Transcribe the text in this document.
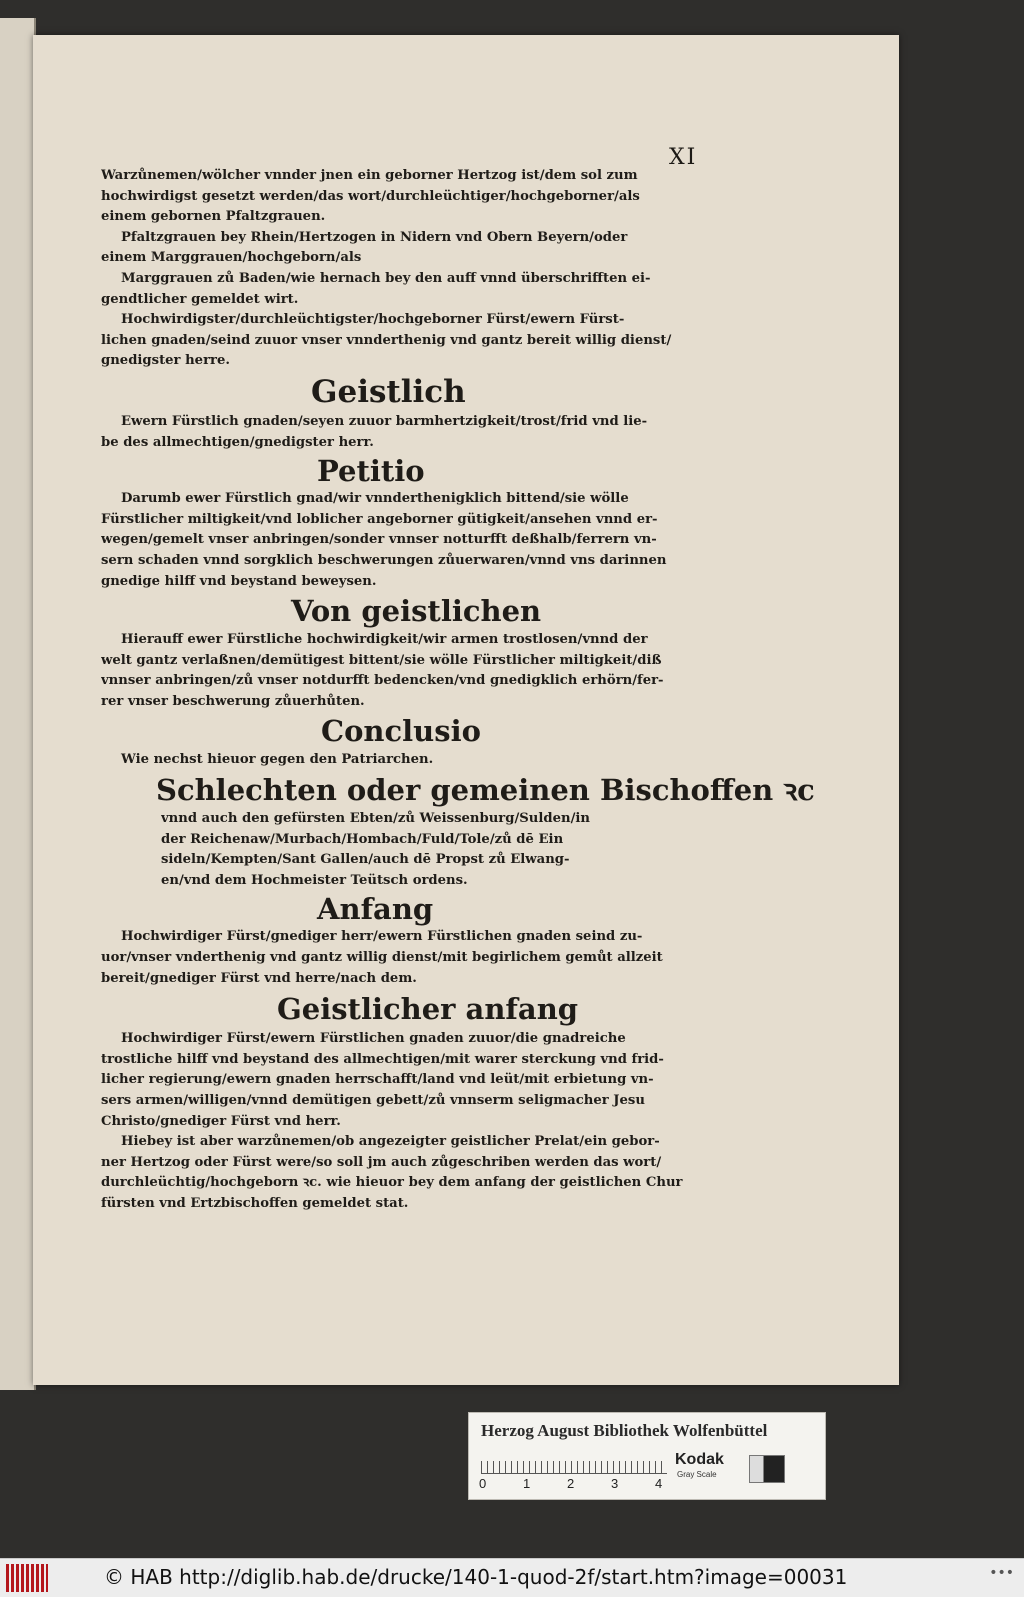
XI
Warzůnemen/wölcher vnnder jnen ein geborner Hertzog ist/dem sol zum
hochwirdigst gesetzt werden/das wort/durchleüchtiger/hochgeborner/als
einem gebornen Pfaltzgrauen.
Pfaltzgrauen bey Rhein/Hertzogen in Nidern vnd Obern Beyern/oder
einem Marggrauen/hochgeborn/als
Marggrauen zů Baden/wie hernach bey den auff vnnd überschrifften ei-
gendtlicher gemeldet wirt.
Hochwirdigster/durchleüchtigster/hochgeborner Fürst/ewern Fürst-
lichen gnaden/seind zuuor vnser vnnderthenig vnd gantz bereit willig dienst/
gnedigster herre.
Geistlich
Ewern Fürstlich gnaden/seyen zuuor barmhertzigkeit/trost/frid vnd lie-
be des allmechtigen/gnedigster herr.
Petitio
Darumb ewer Fürstlich gnad/wir vnnderthenigklich bittend/sie wölle
Fürstlicher miltigkeit/vnd loblicher angeborner gütigkeit/ansehen vnnd er-
wegen/gemelt vnser anbringen/sonder vnnser notturfft deßhalb/ferrern vn-
sern schaden vnnd sorgklich beschwerungen zůuerwaren/vnnd vns darinnen
gnedige hilff vnd beystand beweysen.
Von geistlichen
Hierauff ewer Fürstliche hochwirdigkeit/wir armen trostlosen/vnnd der
welt gantz verlaßnen/demütigest bittent/sie wölle Fürstlicher miltigkeit/diß
vnnser anbringen/zů vnser notdurfft bedencken/vnd gnedigklich erhörn/fer-
rer vnser beschwerung zůuerhůten.
Conclusio
Wie nechst hieuor gegen den Patriarchen.
Schlechten oder gemeinen Bischoffen ꝛc
vnnd auch den gefürsten Ebten/zů Weissenburg/Sulden/in
der Reichenaw/Murbach/Hombach/Fuld/Tole/zů dē Ein
sideln/Kempten/Sant Gallen/auch dē Propst zů Elwang-
en/vnd dem Hochmeister Teütsch ordens.
Anfang
Hochwirdiger Fürst/gnediger herr/ewern Fürstlichen gnaden seind zu-
uor/vnser vnderthenig vnd gantz willig dienst/mit begirlichem gemůt allzeit
bereit/gnediger Fürst vnd herre/nach dem.
Geistlicher anfang
Hochwirdiger Fürst/ewern Fürstlichen gnaden zuuor/die gnadreiche
trostliche hilff vnd beystand des allmechtigen/mit warer sterckung vnd frid-
licher regierung/ewern gnaden herrschafft/land vnd leüt/mit erbietung vn-
sers armen/willigen/vnnd demütigen gebett/zů vnnserm seligmacher Jesu
Christo/gnediger Fürst vnd herr.
Hiebey ist aber warzůnemen/ob angezeigter geistlicher Prelat/ein gebor-
ner Hertzog oder Fürst were/so soll jm auch zůgeschriben werden das wort/
durchleüchtig/hochgeborn ꝛc. wie hieuor bey dem anfang der geistlichen Chur
fürsten vnd Ertzbischoffen gemeldet stat.
Herzog August Bibliothek Wolfenbüttel
0	1	2	3	4
Kodak
Gray Scale
© HAB http://diglib.hab.de/drucke/140-1-quod-2f/start.htm?image=00031	•••
